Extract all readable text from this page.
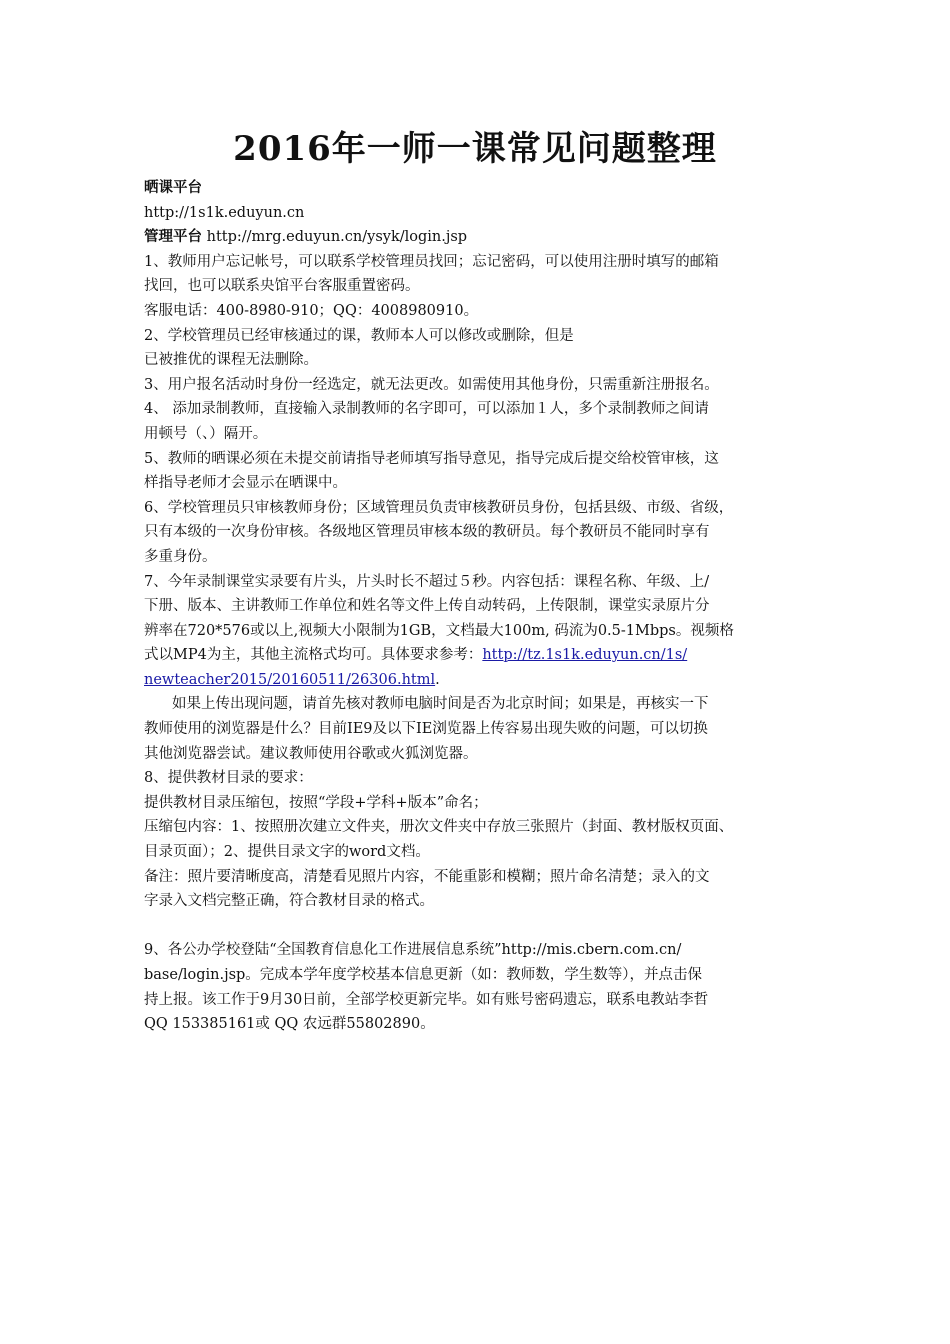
2016年一师一课常见问题整理
晒课平台
http://1s1k.eduyun.cn
管理平台 http://mrg.eduyun.cn/ysyk/login.jsp
1、教师用户忘记帐号，可以联系学校管理员找回；忘记密码，可以使用注册时填写的邮箱
找回，也可以联系央馆平台客服重置密码。
客服电话：400-8980-910；QQ：4008980910。
2、学校管理员已经审核通过的课，教师本人可以修改或删除，但是
已被推优的课程无法删除。
3、用户报名活动时身份一经选定，就无法更改。如需使用其他身份，只需重新注册报名。
4、 添加录制教师，直接输入录制教师的名字即可，可以添加１人，多个录制教师之间请
用顿号（、）隔开。
5、教师的晒课必须在未提交前请指导老师填写指导意见，指导完成后提交给校管审核，这
样指导老师才会显示在晒课中。
6、学校管理员只审核教师身份；区域管理员负责审核教研员身份，包括县级、市级、省级，
只有本级的一次身份审核。各级地区管理员审核本级的教研员。每个教研员不能同时享有
多重身份。
7、今年录制课堂实录要有片头，片头时长不超过５秒。内容包括：课程名称、年级、上/
下册、版本、主讲教师工作单位和姓名等文件上传自动转码，上传限制，课堂实录原片分
辨率在720*576或以上,视频大小限制为1GB，文档最大100m, 码流为0.5-1Mbps。视频格
式以MP4为主，其他主流格式均可。具体要求参考：http://tz.1s1k.eduyun.cn/1s/
newteacher2015/20160511/26306.html.
如果上传出现问题，请首先核对教师电脑时间是否为北京时间；如果是，再核实一下
教师使用的浏览器是什么？目前IE9及以下IE浏览器上传容易出现失败的问题，可以切换
其他浏览器尝试。建议教师使用谷歌或火狐浏览器。
8、提供教材目录的要求：
提供教材目录压缩包，按照“学段+学科+版本”命名；
压缩包内容：1、按照册次建立文件夹，册次文件夹中存放三张照片（封面、教材版权页面、
目录页面）；2、提供目录文字的word文档。
备注：照片要清晰度高，清楚看见照片内容，不能重影和模糊；照片命名清楚；录入的文
字录入文档完整正确，符合教材目录的格式。
9、各公办学校登陆“全国教育信息化工作进展信息系统”http://mis.cbern.com.cn/
base/login.jsp。完成本学年度学校基本信息更新（如：教师数，学生数等），并点击保
持上报。该工作于9月30日前，全部学校更新完毕。如有账号密码遗忘，联系电教站李哲
QQ 153385161或 QQ 农远群55802890。
